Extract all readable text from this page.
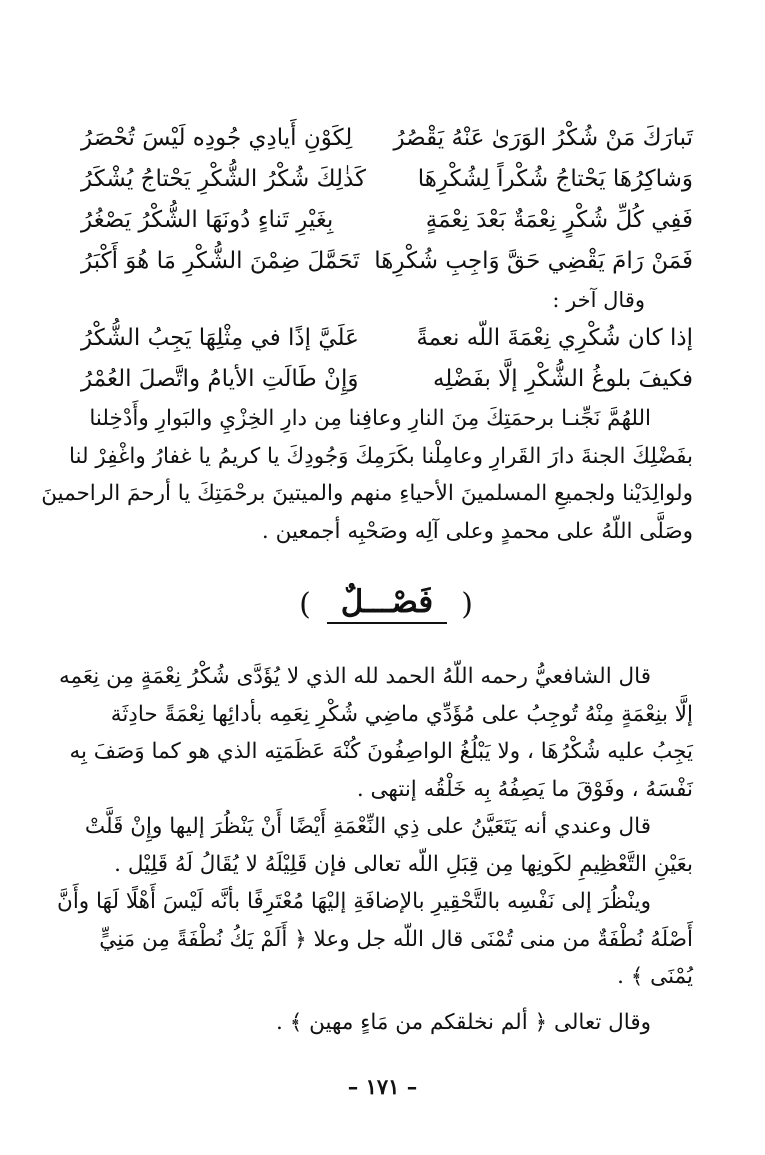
تَبارَكَ مَنْ شُكْرُ الوَرَىٰ عَنْهُ يَقْصُرُ
لِكَوْنِ أَيادِي جُودِه لَيْسَ تُحْصَرُ
وَشاكِرُهَا يَحْتاجُ شُكْراً لِشُكْرِهَا
كَذٰلِكَ شُكْرُ الشُّكْرِ يَحْتاجُ يُشْكَرُ
فَفِي كُلِّ شُكْرٍ نِعْمَةٌ بَعْدَ نِعْمَةٍ
بِغَيْرِ تَناءٍ دُونَهَا الشُّكْرُ يَصْغُرُ
فَمَنْ رَامَ يَقْضِي حَقَّ وَاجِبِ شُكْرِهَا
تَحَمَّلَ ضِمْنَ الشُّكْرِ مَا هُوَ أَكْبَرُ
وقال آخر :
إذا كان شُكْرِي نِعْمَةَ اللّه نعمةً
عَلَيَّ إذًا في مِثْلِهَا يَجِبُ الشُّكْرُ
فكيفَ بلوغُ الشُّكْرِ إلَّا بفَضْلِه
وَإِنْ طَالَتِ الأيامُ واتَّصلَ العُمْرُ

اللهُمَّ نَجِّنـا برحمَتِكَ مِنَ النارِ وعافِنا مِن دارِ الخِزْيِ والبَوارِ وأَدْخِلنا
بفَضْلِكَ الجنةَ دارَ القَرارِ وعامِلْنا بكَرَمِكَ وَجُودِكَ يا كريمُ يا غفارُ واغْفِرْ لنا
ولوالِدَيْنا ولجميعِ المسلمينَ الأحياءِ منهم والميتينَ برحْمَتِكَ يا أرحمَ الراحمينَ
وصَلَّى اللّهُ على محمدٍ وعلى آلِه وصَحْبِه أجمعين .

( فَصْـــلٌ )

قال الشافعيُّ رحمه اللّهُ الحمد لله الذي لا يُؤَدَّى شُكْرُ نِعْمَةٍ مِن نِعَمِه
إلَّا بنِعْمَةٍ مِنْهُ تُوجِبُ على مُؤَدِّي ماضِي شُكْرِ نِعَمِه بأدائِها نِعْمَةً حادِثَة
يَجِبُ عليه شُكْرُهَا ، ولا يَبْلُغُ الواصِفُونَ كُنْهَ عَظَمَتِه الذي هو كما وَصَفَ بِه
نَفْسَهُ ، وفَوْقَ ما يَصِفُهُ بِه خَلْقُه إنتهى .

قال وعندي أنه يَتَعَيَّنُ على ذِي النِّعْمَةِ أَيْضًا أَنْ يَنْظُرَ إليها وإِنْ قَلَّتْ
بعَيْنِ التَّعْظِيمِ لكَونِها مِن قِبَلِ اللّه تعالى فإن قَلِيْلَهُ لا يُقَالُ لَهُ قَلِيْل .

وينْظُرَ إلى نَفْسِه بالتَّحْقِيرِ بالإضافَةِ إليْهَا مُعْتَرِفًا بأنَّه لَيْسَ أَهْلًا لَهَا وأَنَّ
أَصْلَهُ نُطْفَةٌ من منى تُمْنَى قال اللّه جل وعلا ﴿ أَلَمْ يَكُ نُطْفَةً مِن مَنِيٍّ
يُمْنَى ﴾ .

وقال تعالى ﴿ ألم نخلقكم من مَاءٍ مهين ﴾ .

– ١٧١ –
